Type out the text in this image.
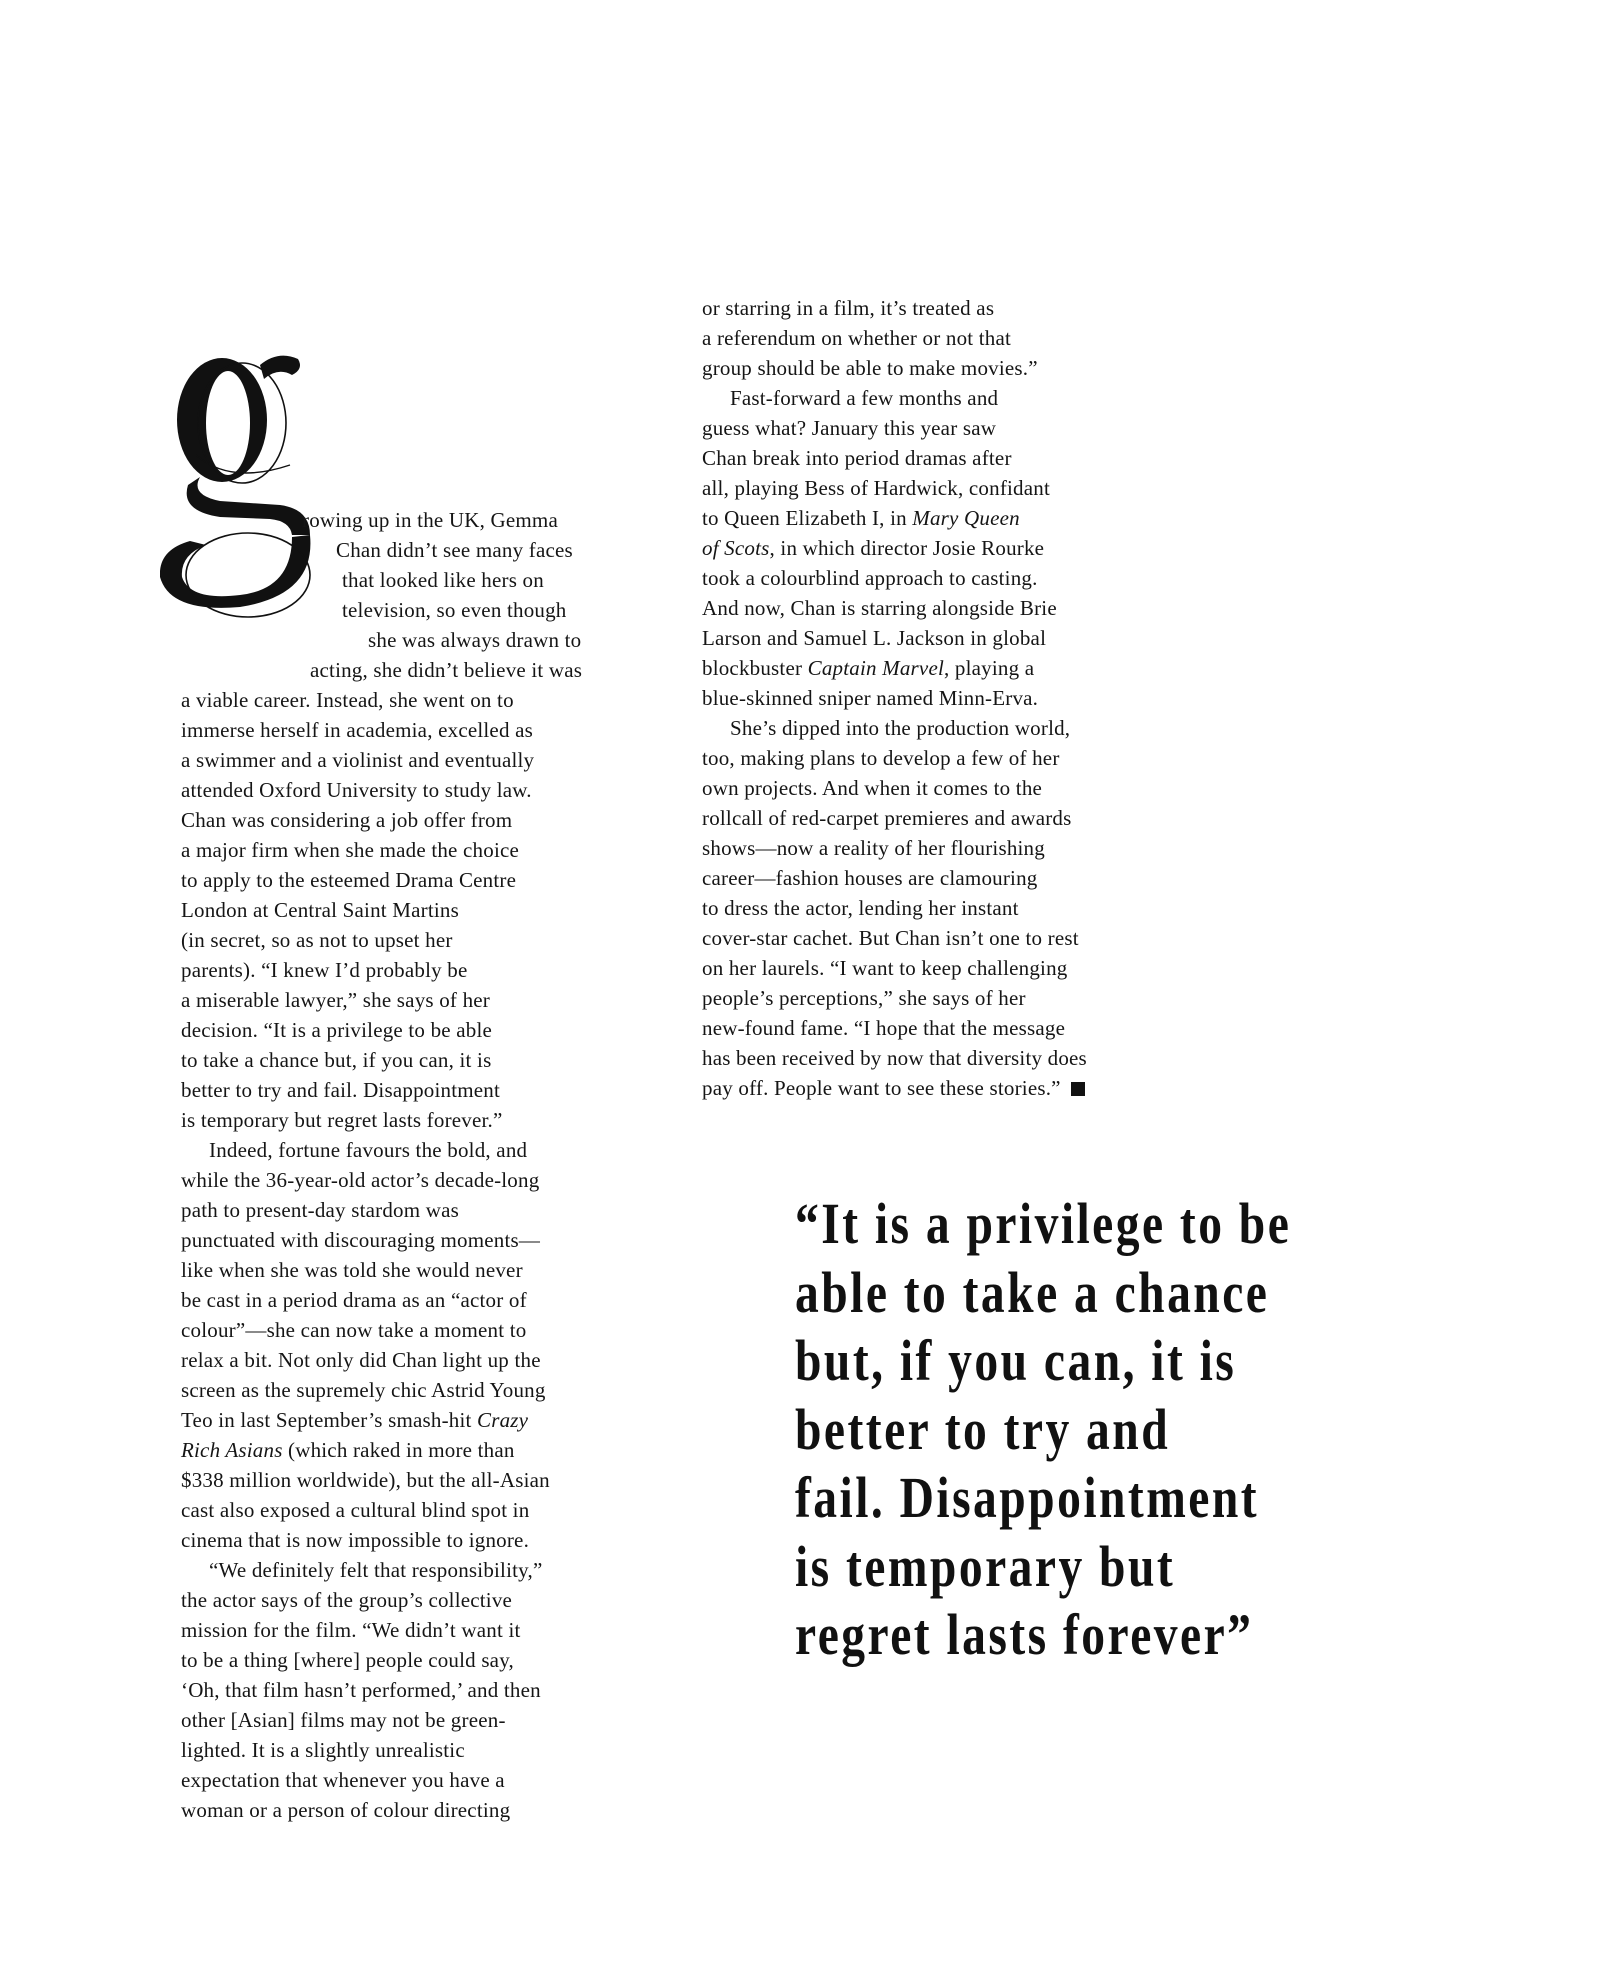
rowing up in the UK, Gemma
Chan didn’t see many faces
that looked like hers on
television, so even though
she was always drawn to
acting, she didn’t believe it was
a viable career. Instead, she went on to
immerse herself in academia, excelled as
a swimmer and a violinist and eventually
attended Oxford University to study law.
Chan was considering a job offer from
a major firm when she made the choice
to apply to the esteemed Drama Centre
London at Central Saint Martins
(in secret, so as not to upset her
parents). “I knew I’d probably be
a miserable lawyer,” she says of her
decision. “It is a privilege to be able
to take a chance but, if you can, it is
better to try and fail. Disappointment
is temporary but regret lasts forever.”
Indeed, fortune favours the bold, and
while the 36-year-old actor’s decade-long
path to present-day stardom was
punctuated with discouraging moments—
like when she was told she would never
be cast in a period drama as an “actor of
colour”—she can now take a moment to
relax a bit. Not only did Chan light up the
screen as the supremely chic Astrid Young
Teo in last September’s smash-hit Crazy
Rich Asians (which raked in more than
$338 million worldwide), but the all-Asian
cast also exposed a cultural blind spot in
cinema that is now impossible to ignore.
“We definitely felt that responsibility,”
the actor says of the group’s collective
mission for the film. “We didn’t want it
to be a thing [where] people could say,
‘Oh, that film hasn’t performed,’ and then
other [Asian] films may not be green-
lighted. It is a slightly unrealistic
expectation that whenever you have a
woman or a person of colour directing
or starring in a film, it’s treated as
a referendum on whether or not that
group should be able to make movies.”
Fast-forward a few months and
guess what? January this year saw
Chan break into period dramas after
all, playing Bess of Hardwick, confidant
to Queen Elizabeth I, in Mary Queen
of Scots, in which director Josie Rourke
took a colourblind approach to casting.
And now, Chan is starring alongside Brie
Larson and Samuel L. Jackson in global
blockbuster Captain Marvel, playing a
blue-skinned sniper named Minn-Erva.
She’s dipped into the production world,
too, making plans to develop a few of her
own projects. And when it comes to the
rollcall of red-carpet premieres and awards
shows—now a reality of her flourishing
career—fashion houses are clamouring
to dress the actor, lending her instant
cover-star cachet. But Chan isn’t one to rest
on her laurels. “I want to keep challenging
people’s perceptions,” she says of her
new-found fame. “I hope that the message
has been received by now that diversity does
pay off. People want to see these stories.”
“It is a privilege to be
able to take a chance
but, if you can, it is
better to try and
fail. Disappointment
is temporary but
regret lasts forever”
